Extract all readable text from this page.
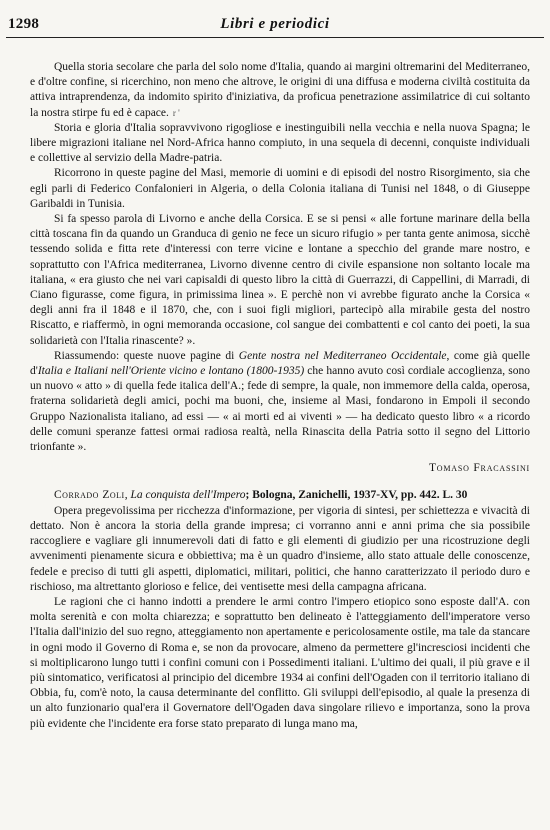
1298	Libri e periodici

Quella storia secolare che parla del solo nome d'Italia, quando ai margini oltremarini del Mediterraneo, e d'oltre confine, si ricerchino, non meno che altrove, le origini di una diffusa e moderna civiltà costituita da attiva intraprendenza, da indomito spirito d'iniziativa, da proficua penetrazione assimilatrice di cui soltanto la nostra stirpe fu ed è capace. r '

Storia e gloria d'Italia sopravvivono rigogliose e inestinguibili nella vecchia e nella nuova Spagna; le libere migrazioni italiane nel Nord-Africa hanno compiuto, in una sequela di decenni, conquiste individuali e collettive al servizio della Madre-patria.

Ricorrono in queste pagine del Masi, memorie di uomini e di episodi del nostro Risorgimento, sia che egli parli di Federico Confalonieri in Algeria, o della Colonia italiana di Tunisi nel 1848, o di Giuseppe Garibaldi in Tunisia.

Si fa spesso parola di Livorno e anche della Corsica. E se si pensi « alle fortune marinare della bella città toscana fin da quando un Granduca di genio ne fece un sicuro rifugio » per tanta gente animosa, sicchè tessendo solida e fitta rete d'interessi con terre vicine e lontane a specchio del grande mare nostro, e soprattutto con l'Africa mediterranea, Livorno divenne centro di civile espansione non soltanto locale ma italiana, « era giusto che nei vari capisaldi di questo libro la città di Guerrazzi, di Cappellini, di Marradi, di Ciano figurasse, come figura, in primissima linea ». E perchè non vi avrebbe figurato anche la Corsica « degli anni fra il 1848 e il 1870, che, con i suoi figli migliori, partecipò alla mirabile gesta del nostro Riscatto, e riaffermò, in ogni memoranda occasione, col sangue dei combattenti e col canto dei poeti, la sua solidarietà con l'Italia rinascente? ».

Riassumendo: queste nuove pagine di Gente nostra nel Mediterraneo Occidentale, come già quelle d'Italia e Italiani nell'Oriente vicino e lontano (1800-1935) che hanno avuto così cordiale accoglienza, sono un nuovo « atto » di quella fede italica dell'A.; fede di sempre, la quale, non immemore della calda, operosa, fraterna solidarietà degli amici, pochi ma buoni, che, insieme al Masi, fondarono in Empoli il secondo Gruppo Nazionalista italiano, ad essi — « ai morti ed ai viventi » — ha dedicato questo libro « a ricordo delle comuni speranze fattesi ormai radiosa realtà, nella Rinascita della Patria sotto il segno del Littorio trionfante ».

Tomaso Fracassini

Corrado Zoli, La conquista dell'Impero; Bologna, Zanichelli, 1937-XV, pp. 442. L. 30

Opera pregevolissima per ricchezza d'informazione, per vigoria di sintesi, per schiettezza e vivacità di dettato. Non è ancora la storia della grande impresa; ci vorranno anni e anni prima che sia possibile raccogliere e vagliare gli innumerevoli dati di fatto e gli elementi di giudizio per una ricostruzione degli avvenimenti pienamente sicura e obbiettiva; ma è un quadro d'insieme, allo stato attuale delle conoscenze, fedele e preciso di tutti gli aspetti, diplomatici, militari, politici, che hanno caratterizzato il periodo duro e rischioso, ma altrettanto glorioso e felice, dei ventisette mesi della campagna africana.

Le ragioni che ci hanno indotti a prendere le armi contro l'impero etiopico sono esposte dall'A. con molta serenità e con molta chiarezza; e soprattutto ben delineato è l'atteggiamento dell'imperatore verso l'Italia dall'inizio del suo regno, atteggiamento non apertamente e pericolosamente ostile, ma tale da stancare in ogni modo il Governo di Roma e, se non da provocare, almeno da permettere gl'incresciosi incidenti che si moltiplicarono lungo tutti i confini comuni con i Possedimenti italiani. L'ultimo dei quali, il più grave e il più sintomatico, verificatosi al principio del dicembre 1934 ai confini dell'Ogaden con il territorio italiano di Obbia, fu, com'è noto, la causa determinante del conflitto. Gli sviluppi dell'episodio, al quale la presenza di un alto funzionario qual'era il Governatore dell'Ogaden dava singolare rilievo e importanza, sono la prova più evidente che l'incidente era forse stato preparato di lunga mano ma,
